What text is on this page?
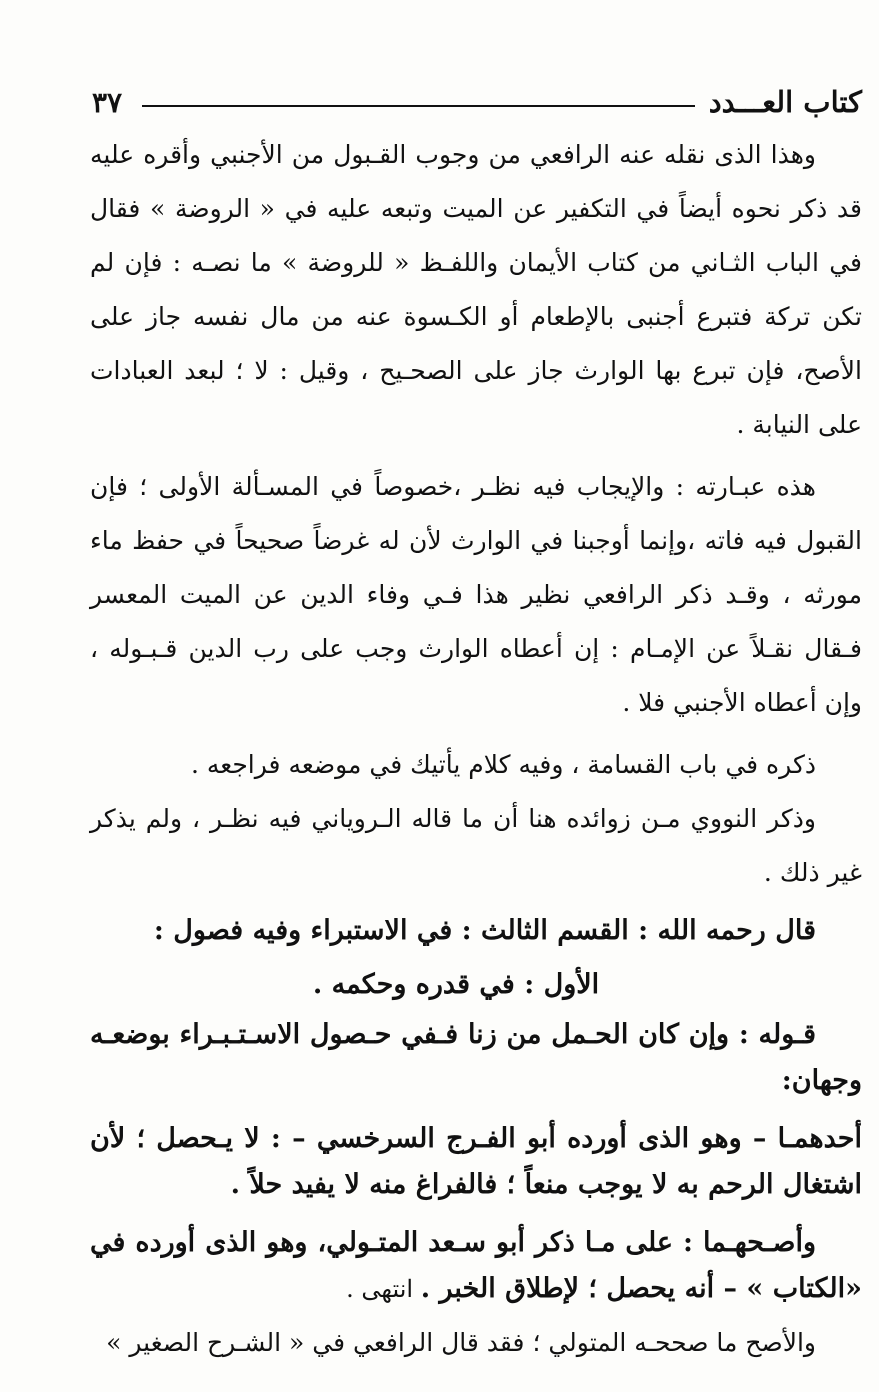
كتاب العـــدد
٣٧

وهذا الذى نقله عنه الرافعي من وجوب القـبول من الأجنبي وأقره عليه قد ذكر نحوه أيضاً في التكفير عن الميت وتبعه عليه في « الروضة » فقال في الباب الثـاني من كتاب الأيمان واللفـظ « للروضة » ما نصـه : فإن لم تكن تركة فتبرع أجنبى بالإطعام أو الكـسوة عنه من مال نفسه جاز على الأصح، فإن تبرع بها الوارث جاز على الصحـيح ، وقيل : لا ؛ لبعد العبادات على النيابة .

هذه عبـارته : والإيجاب فيه نظـر ،خصوصاً في المسـألة الأولى ؛ فإن القبول فيه فاته ،وإنما أوجبنا في الوارث لأن له غرضاً صحيحاً في حفظ ماء مورثه ، وقـد ذكر الرافعي نظير هذا فـي وفاء الدين عن الميت المعسر فـقال نقـلاً عن الإمـام : إن أعطاه الوارث وجب على رب الدين قـبـوله ، وإن أعطاه الأجنبي فلا .

ذكره في باب القسامة ، وفيه كلام يأتيك في موضعه فراجعه .

وذكر النووي مـن زوائده هنا أن ما قاله الـروياني فيه نظـر ، ولم يذكر غير ذلك .

قال رحمه الله : القسم الثالث : في الاستبراء وفيه فصول :

الأول : في قدره وحكمه .

قـوله : وإن كان الحـمل من زنا فـفي حـصول الاسـتـبـراء بوضعـه وجهان:

أحدهمـا – وهو الذى أورده أبو الفـرج السرخسي – : لا يـحصل ؛ لأن اشتغال الرحم به لا يوجب منعاً ؛ فالفراغ منه لا يفيد حلاً .

وأصـحهـما : على مـا ذكر أبو سـعد المتـولي، وهو الذى أورده في «الكتاب » – أنه يحصل ؛ لإطلاق الخبر . انتهى .

والأصح ما صححـه المتولي ؛ فقد قال الرافعي في « الشـرح الصغير »
